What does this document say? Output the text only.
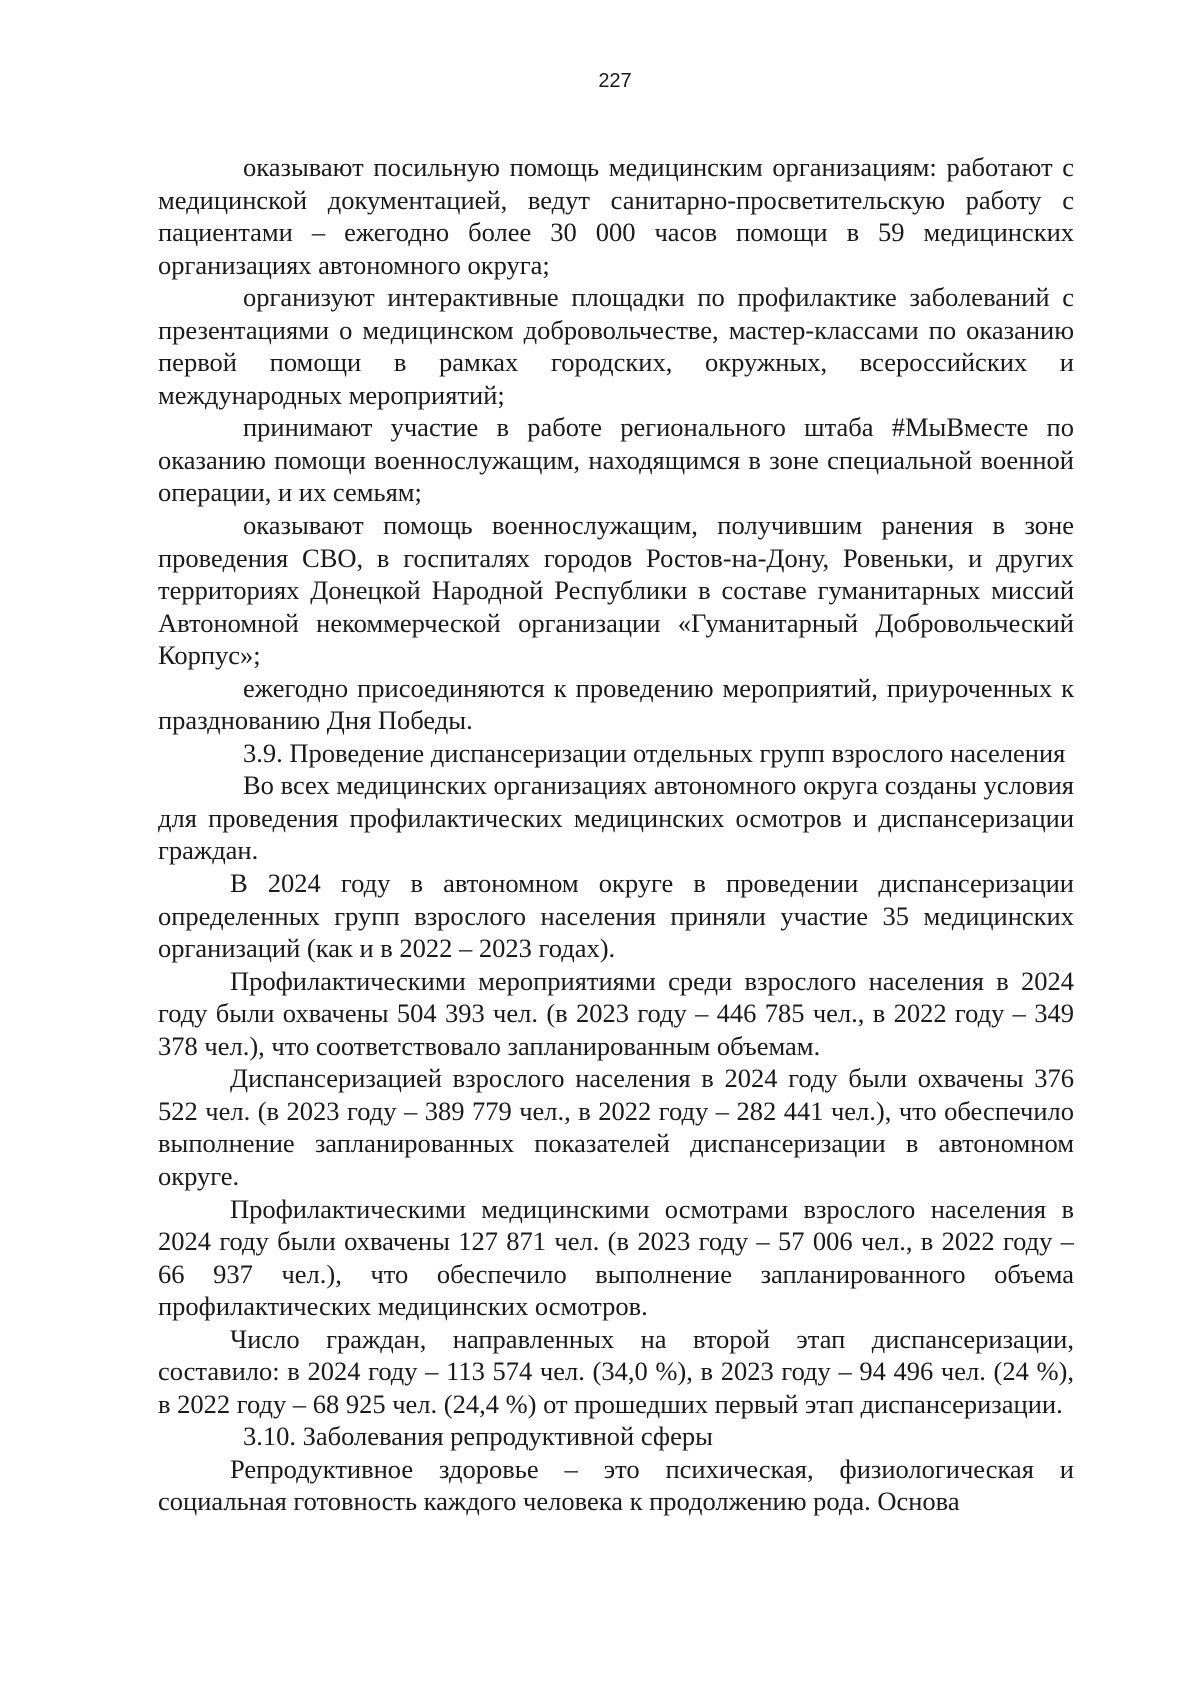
227

оказывают посильную помощь медицинским организациям: работают с медицинской документацией, ведут санитарно-просветительскую работу с пациентами – ежегодно более 30 000 часов помощи в 59 медицинских организациях автономного округа;

организуют интерактивные площадки по профилактике заболеваний с презентациями о медицинском добровольчестве, мастер-классами по оказанию первой помощи в рамках городских, окружных, всероссийских и международных мероприятий;

принимают участие в работе регионального штаба #МыВместе по оказанию помощи военнослужащим, находящимся в зоне специальной военной операции, и их семьям;

оказывают помощь военнослужащим, получившим ранения в зоне проведения СВО, в госпиталях городов Ростов-на-Дону, Ровеньки, и других территориях Донецкой Народной Республики в составе гуманитарных миссий Автономной некоммерческой организации «Гуманитарный Добровольческий Корпус»;

ежегодно присоединяются к проведению мероприятий, приуроченных к празднованию Дня Победы.

3.9. Проведение диспансеризации отдельных групп взрослого населения

Во всех медицинских организациях автономного округа созданы условия для проведения профилактических медицинских осмотров и диспансеризации граждан.

В 2024 году в автономном округе в проведении диспансеризации определенных групп взрослого населения приняли участие 35 медицинских организаций (как и в 2022 – 2023 годах).

Профилактическими мероприятиями среди взрослого населения в 2024 году были охвачены 504 393 чел. (в 2023 году – 446 785 чел., в 2022 году – 349 378 чел.), что соответствовало запланированным объемам.

Диспансеризацией взрослого населения в 2024 году были охвачены 376 522 чел. (в 2023 году – 389 779 чел., в 2022 году – 282 441 чел.), что обеспечило выполнение запланированных показателей диспансеризации в автономном округе.

Профилактическими медицинскими осмотрами взрослого населения в 2024 году были охвачены 127 871 чел. (в 2023 году – 57 006 чел., в 2022 году – 66 937 чел.), что обеспечило выполнение запланированного объема профилактических медицинских осмотров.

Число граждан, направленных на второй этап диспансеризации, составило: в 2024 году – 113 574 чел. (34,0 %), в 2023 году – 94 496 чел. (24 %), в 2022 году – 68 925 чел. (24,4 %) от прошедших первый этап диспансеризации.

3.10. Заболевания репродуктивной сферы

Репродуктивное здоровье – это психическая, физиологическая и социальная готовность каждого человека к продолжению рода. Основа
